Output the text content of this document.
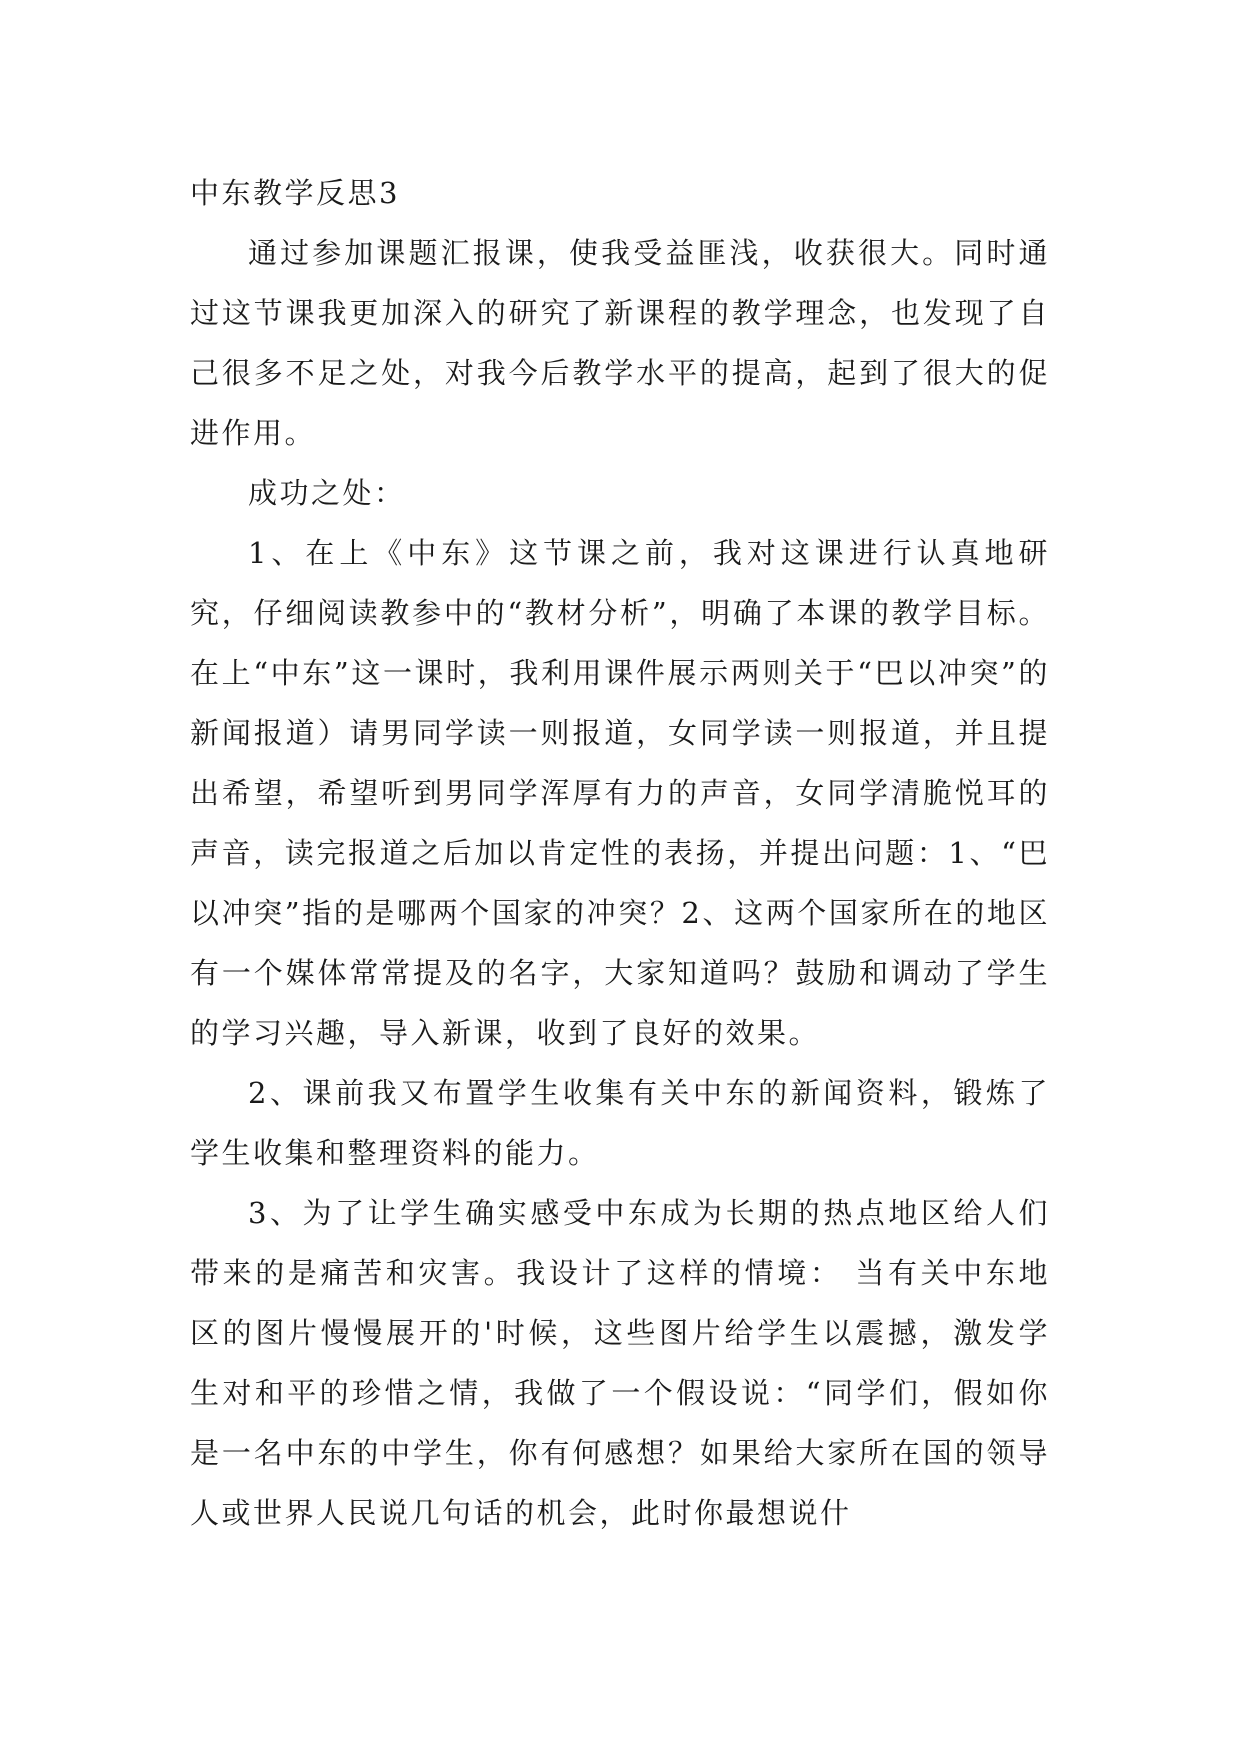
中东教学反思3

通过参加课题汇报课，使我受益匪浅，收获很大。同时通过这节课我更加深入的研究了新课程的教学理念，也发现了自己很多不足之处，对我今后教学水平的提高，起到了很大的促进作用。

成功之处：

1、在上《中东》这节课之前，我对这课进行认真地研究，仔细阅读教参中的“教材分析”，明确了本课的教学目标。在上“中东”这一课时，我利用课件展示两则关于“巴以冲突”的新闻报道）请男同学读一则报道，女同学读一则报道，并且提出希望，希望听到男同学浑厚有力的声音，女同学清脆悦耳的声音，读完报道之后加以肯定性的表扬，并提出问题：1、“巴以冲突”指的是哪两个国家的冲突？2、这两个国家所在的地区有一个媒体常常提及的名字，大家知道吗？鼓励和调动了学生的学习兴趣，导入新课，收到了良好的效果。

2、课前我又布置学生收集有关中东的新闻资料，锻炼了学生收集和整理资料的能力。

3、为了让学生确实感受中东成为长期的热点地区给人们带来的是痛苦和灾害。我设计了这样的情境： 当有关中东地区的图片慢慢展开的'时候，这些图片给学生以震撼，激发学生对和平的珍惜之情，我做了一个假设说：“同学们，假如你是一名中东的中学生，你有何感想？如果给大家所在国的领导人或世界人民说几句话的机会，此时你最想说什
